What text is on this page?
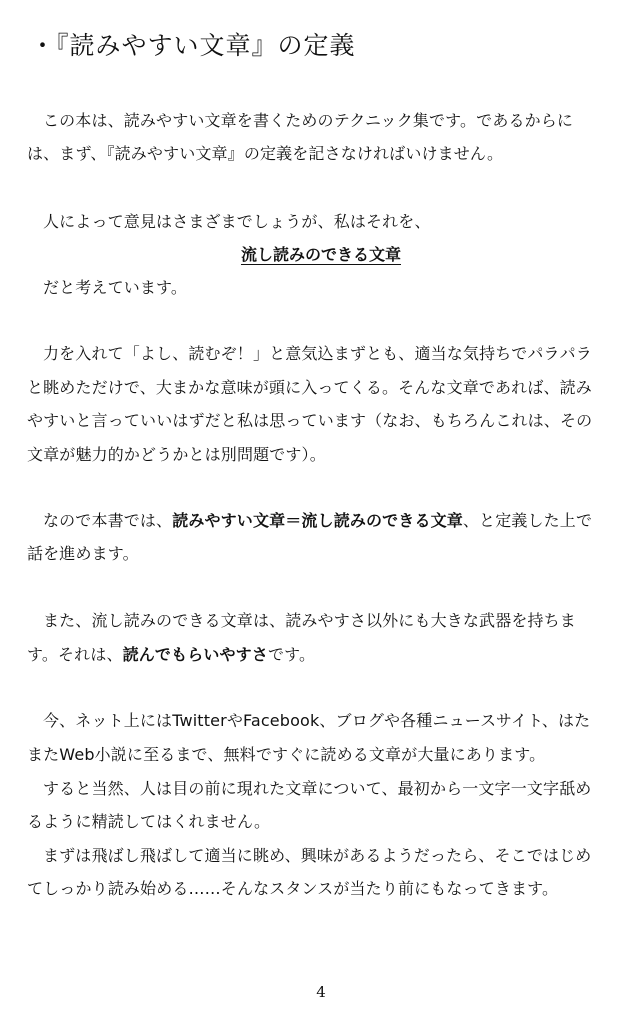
・『読みやすい文章』の定義
この本は、読みやすい文章を書くためのテクニック集です。であるからに
は、まず、『読みやすい文章』の定義を記さなければいけません。
人によって意見はさまざまでしょうが、私はそれを、
流し読みのできる文章
だと考えています。
力を入れて「よし、読むぞ！」と意気込まずとも、適当な気持ちでパラパラ
と眺めただけで、大まかな意味が頭に入ってくる。そんな文章であれば、読み
やすいと言っていいはずだと私は思っています（なお、もちろんこれは、その
文章が魅力的かどうかとは別問題です）。
なので本書では、読みやすい文章＝流し読みのできる文章、と定義した上で
話を進めます。
また、流し読みのできる文章は、読みやすさ以外にも大きな武器を持ちま
す。それは、読んでもらいやすさです。
今、ネット上にはTwitterやFacebook、ブログや各種ニュースサイト、はた
またWeb小説に至るまで、無料ですぐに読める文章が大量にあります。
すると当然、人は目の前に現れた文章について、最初から一文字一文字舐め
るように精読してはくれません。
まずは飛ばし飛ばして適当に眺め、興味があるようだったら、そこではじめ
てしっかり読み始める……そんなスタンスが当たり前にもなってきます。
4
